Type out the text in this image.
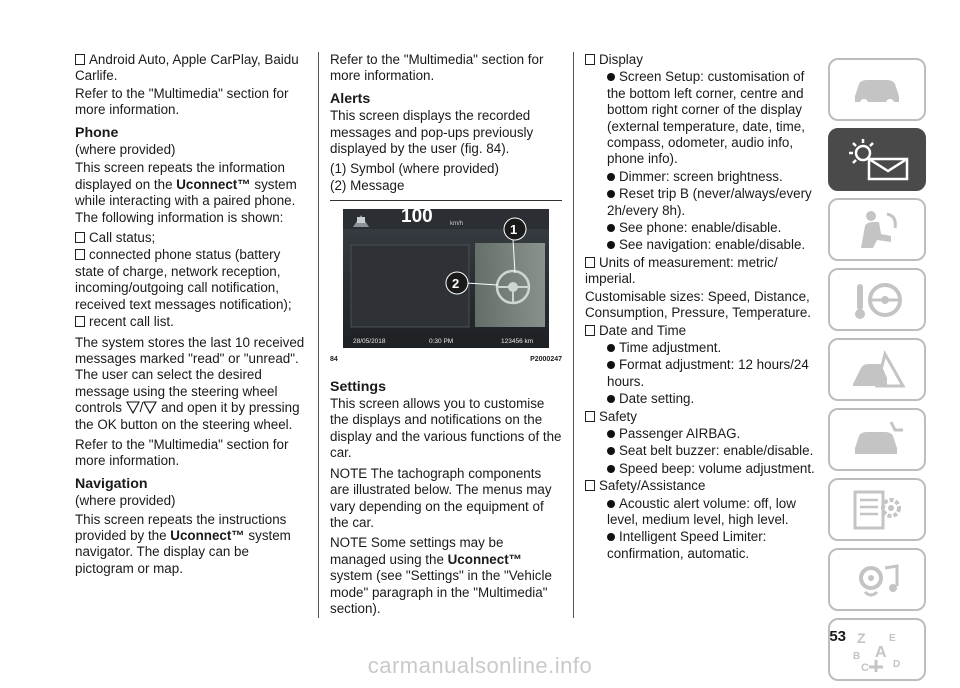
Android Auto, Apple CarPlay, Baidu Carlife.

Refer to the "Multimedia" section for more information.

Phone

(where provided)

This screen repeats the information displayed on the Uconnect™ system while interacting with a paired phone. The following information is shown:

Call status;

connected phone status (battery state of charge, network reception, incoming/outgoing call notification, received text messages notification);

recent call list.

The system stores the last 10 received messages marked "read" or "unread". The user can select the desired message using the steering wheel controls / and open it by pressing the OK button on the steering wheel.

Refer to the "Multimedia" section for more information.

Navigation

(where provided)

This screen repeats the instructions provided by the Uconnect™ system navigator. The display can be pictogram or map.

Refer to the "Multimedia" section for more information.

Alerts

This screen displays the recorded messages and pop-ups previously displayed by the user (fig. 84).

(1) Symbol (where provided)

(2) Message

100	km/h	1
2
28/05/2018	0:30 PM	123456 km
84	P2000247
Settings

This screen allows you to customise the displays and notifications on the display and the various functions of the car.

NOTE The tachograph components are illustrated below. The menus may vary depending on the equipment of the car.

NOTE Some settings may be managed using the Uconnect™ system (see "Settings" in the "Vehicle mode" paragraph in the "Multimedia" section).

Display

Screen Setup: customisation of the bottom left corner, centre and bottom right corner of the display (external temperature, date, time, compass, odometer, audio info, phone info).

Dimmer: screen brightness.

Reset trip B (never/always/every 2h/every 8h).

See phone: enable/disable.

See navigation: enable/disable.

Units of measurement: metric/ imperial.

Customisable sizes: Speed, Distance, Consumption, Pressure, Temperature.

Date and Time

Time adjustment.

Format adjustment: 12 hours/24 hours.

Date setting.

Safety

Passenger AIRBAG.

Seat belt buzzer: enable/disable.

Speed beep: volume adjustment.

Safety/Assistance

Acoustic alert volume: off, low level, medium level, high level.

Intelligent Speed Limiter: confirmation, automatic.

Z E
B A
C D
53
carmanualsonline.info
